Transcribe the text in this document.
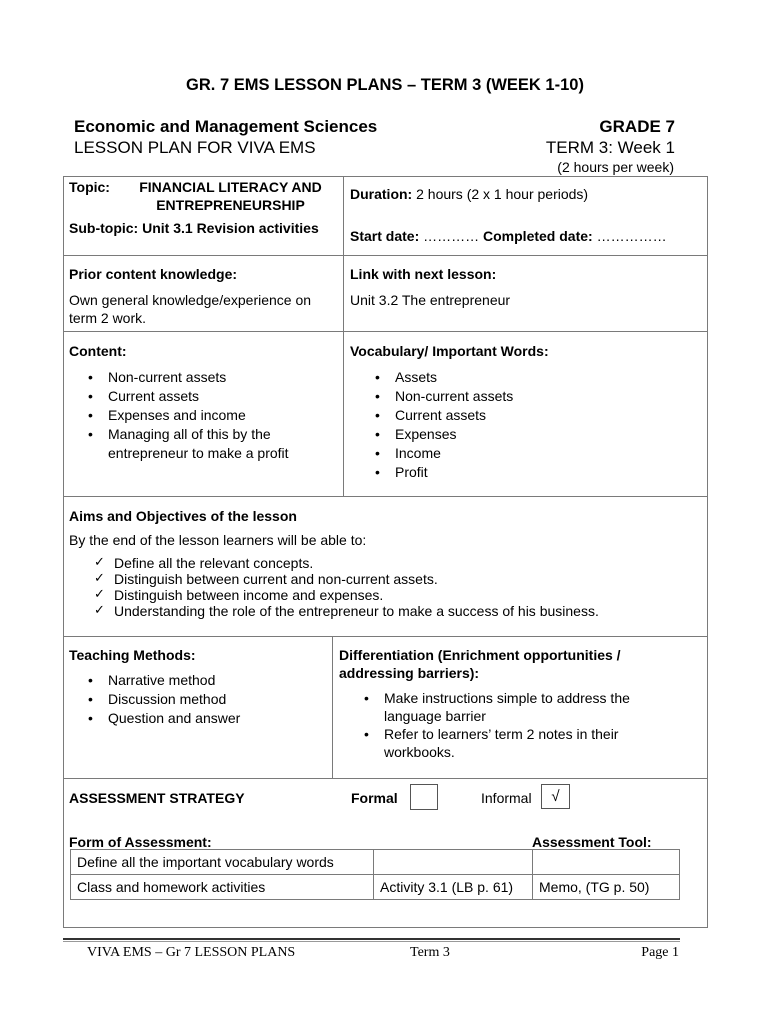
GR. 7 EMS LESSON PLANS – TERM 3 (WEEK 1-10)
Economic and Management Sciences	GRADE 7
LESSON PLAN FOR VIVA EMS	TERM 3: Week 1
(2 hours per week)
Topic:	FINANCIAL LITERACY AND ENTREPRENEURSHIP
Sub-topic: Unit 3.1 Revision activities
Duration: 2 hours (2 x 1 hour periods)
Start date: ………… Completed date: ……………
Prior content knowledge:
Own general knowledge/experience on term 2 work.
Link with next lesson:
Unit 3.2 The entrepreneur
Content:
• Non-current assets
• Current assets
• Expenses and income
• Managing all of this by the entrepreneur to make a profit
Vocabulary/ Important Words:
• Assets
• Non-current assets
• Current assets
• Expenses
• Income
• Profit
Aims and Objectives of the lesson
By the end of the lesson learners will be able to:
✓ Define all the relevant concepts.
✓ Distinguish between current and non-current assets.
✓ Distinguish between income and expenses.
✓ Understanding the role of the entrepreneur to make a success of his business.
Teaching Methods:
• Narrative method
• Discussion method
• Question and answer
Differentiation (Enrichment opportunities / addressing barriers):
• Make instructions simple to address the language barrier
• Refer to learners’ term 2 notes in their workbooks.
ASSESSMENT STRATEGY	Formal	Informal	√
Form of Assessment:	Assessment Tool:
Define all the important vocabulary words		
Class and homework activities	Activity 3.1 (LB p. 61)	Memo, (TG p. 50)
VIVA EMS – Gr 7 LESSON PLANS	Term 3	Page 1
